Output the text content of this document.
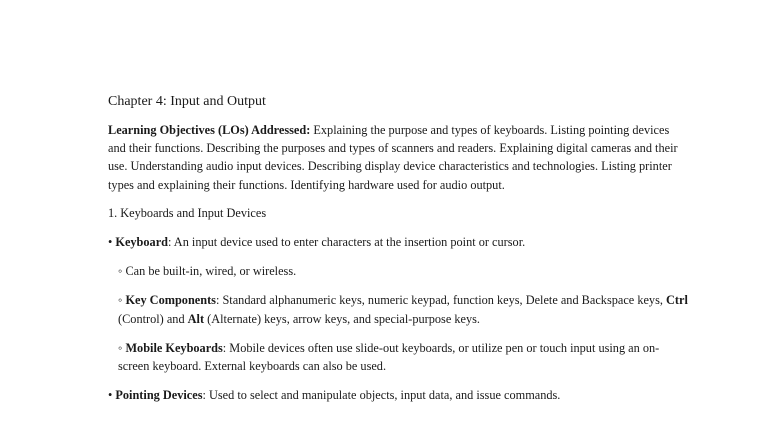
Chapter 4: Input and Output

Learning Objectives (LOs) Addressed: Explaining the purpose and types of keyboards. Listing pointing devices and their functions. Describing the purposes and types of scanners and readers. Explaining digital cameras and their use. Understanding audio input devices. Describing display device characteristics and technologies. Listing printer types and explaining their functions. Identifying hardware used for audio output.

1. Keyboards and Input Devices

• Keyboard: An input device used to enter characters at the insertion point or cursor.

◦ Can be built-in, wired, or wireless.

◦ Key Components: Standard alphanumeric keys, numeric keypad, function keys, Delete and Backspace keys, Ctrl (Control) and Alt (Alternate) keys, arrow keys, and special-purpose keys.

◦ Mobile Keyboards: Mobile devices often use slide-out keyboards, or utilize pen or touch input using an on-screen keyboard. External keyboards can also be used.

• Pointing Devices: Used to select and manipulate objects, input data, and issue commands.
